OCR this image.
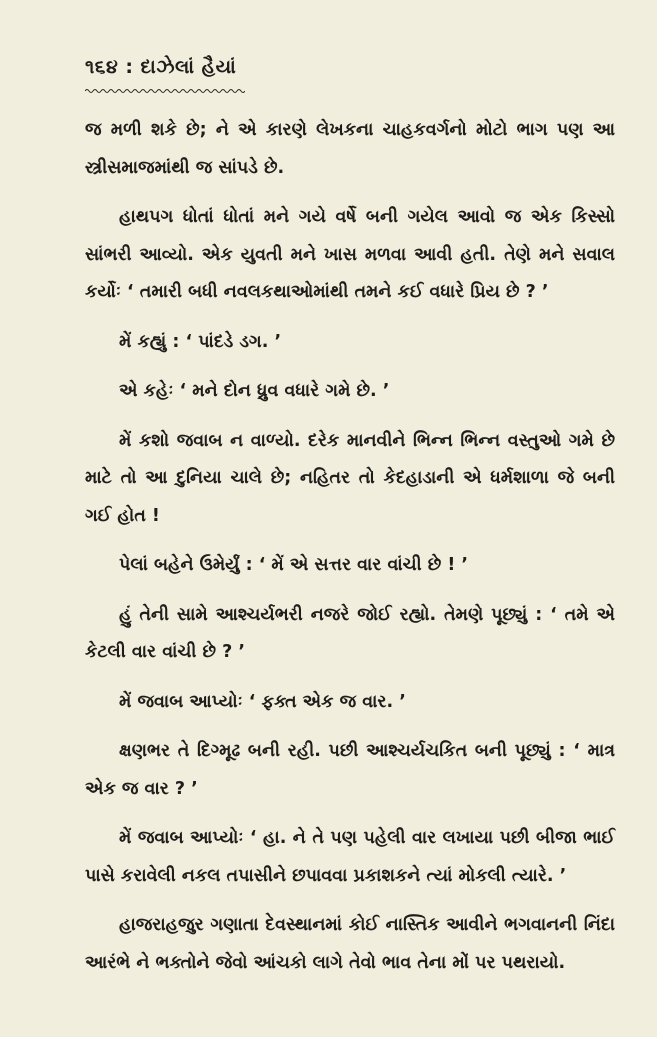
૧૬૪ : દાઝેલાં હૈયાં

જ મળી શકે છે; ને એ કારણે લેખકના ચાહકવર્ગનો મોટો ભાગ પણ આ સ્ત્રીસમાજમાંથી જ સાંપડે છે.

હાથપગ ધોતાં ધોતાં મને ગયે વર્ષે બની ગયેલ આવો જ એક કિસ્સો સાંભરી આવ્યો. એક યુવતી મને ખાસ મળવા આવી હતી. તેણે મને સવાલ કર્યોઃ ‘ તમારી બધી નવલકથાઓમાંથી તમને કઈ વધારે પ્રિય છે ? ’

મેં કહ્યું : ‘ પાંદડે ડગ. ’

એ કહેઃ ‘ મને દોન ધ્રુવ વધારે ગમે છે. ’

મેં કશો જવાબ ન વાળ્યો. દરેક માનવીને ભિન્ન ભિન્ન વસ્તુઓ ગમે છે માટે તો આ દુનિયા ચાલે છે; નહિતર તો કેદહાડાની એ ધર્મશાળા જે બની ગઈ હોત !

પેલાં બહેને ઉમેર્યું : ‘ મેં એ સત્તર વાર વાંચી છે ! ’

હું તેની સામે આશ્ચર્યભરી નજરે જોઈ રહ્યો. તેમણે પૂછ્યું : ‘ તમે એ કેટલી વાર વાંચી છે ? ’

મેં જવાબ આપ્યોઃ ‘ ફક્ત એક જ વાર. ’

ક્ષણભર તે દિગ્મૂઢ બની રહી. પછી આશ્ચર્યચકિત બની પૂછ્યું : ‘ માત્ર એક જ વાર ? ’

મેં જવાબ આપ્યોઃ ‘ હા. ને તે પણ પહેલી વાર લખાયા પછી બીજા ભાઈ પાસે કરાવેલી નકલ તપાસીને છપાવવા પ્રકાશકને ત્યાં મોકલી ત્યારે. ’

હાજરાહજુર ગણાતા દેવસ્થાનમાં કોઈ નાસ્તિક આવીને ભગવાનની નિંદા આરંભે ને ભક્તોને જેવો આંચકો લાગે તેવો ભાવ તેના મોં પર પથરાયો.
